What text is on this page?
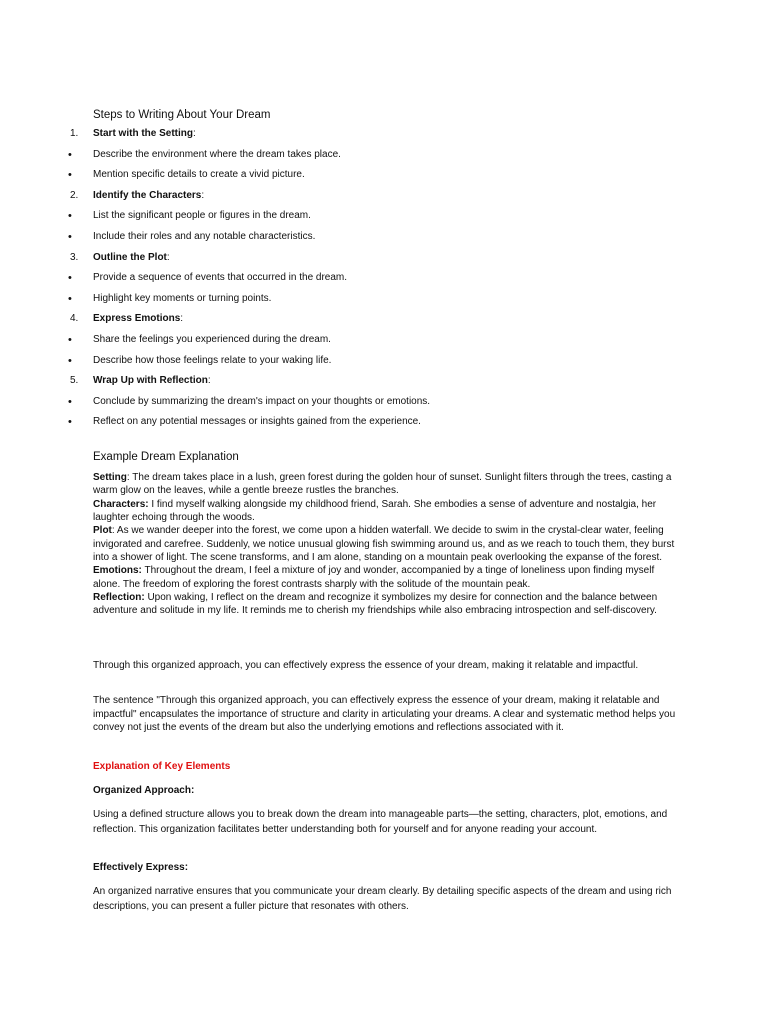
Steps to Writing About Your Dream
1. Start with the Setting:
• Describe the environment where the dream takes place.
• Mention specific details to create a vivid picture.
2. Identify the Characters:
• List the significant people or figures in the dream.
• Include their roles and any notable characteristics.
3. Outline the Plot:
• Provide a sequence of events that occurred in the dream.
• Highlight key moments or turning points.
4. Express Emotions:
• Share the feelings you experienced during the dream.
• Describe how those feelings relate to your waking life.
5. Wrap Up with Reflection:
• Conclude by summarizing the dream's impact on your thoughts or emotions.
• Reflect on any potential messages or insights gained from the experience.
Example Dream Explanation

Setting: The dream takes place in a lush, green forest during the golden hour of sunset. Sunlight filters through the trees, casting a warm glow on the leaves, while a gentle breeze rustles the branches.

Characters: I find myself walking alongside my childhood friend, Sarah. She embodies a sense of adventure and nostalgia, her laughter echoing through the woods.

Plot: As we wander deeper into the forest, we come upon a hidden waterfall. We decide to swim in the crystal-clear water, feeling invigorated and carefree. Suddenly, we notice unusual glowing fish swimming around us, and as we reach to touch them, they burst into a shower of light. The scene transforms, and I am alone, standing on a mountain peak overlooking the expanse of the forest.

Emotions: Throughout the dream, I feel a mixture of joy and wonder, accompanied by a tinge of loneliness upon finding myself alone. The freedom of exploring the forest contrasts sharply with the solitude of the mountain peak.

Reflection: Upon waking, I reflect on the dream and recognize it symbolizes my desire for connection and the balance between adventure and solitude in my life. It reminds me to cherish my friendships while also embracing introspection and self-discovery.

Through this organized approach, you can effectively express the essence of your dream, making it relatable and impactful.

The sentence "Through this organized approach, you can effectively express the essence of your dream, making it relatable and impactful" encapsulates the importance of structure and clarity in articulating your dreams. A clear and systematic method helps you convey not just the events of the dream but also the underlying emotions and reflections associated with it.

Explanation of Key Elements

Organized Approach:

Using a defined structure allows you to break down the dream into manageable parts—the setting, characters, plot, emotions, and reflection. This organization facilitates better understanding both for yourself and for anyone reading your account.

Effectively Express:

An organized narrative ensures that you communicate your dream clearly. By detailing specific aspects of the dream and using rich descriptions, you can present a fuller picture that resonates with others.
